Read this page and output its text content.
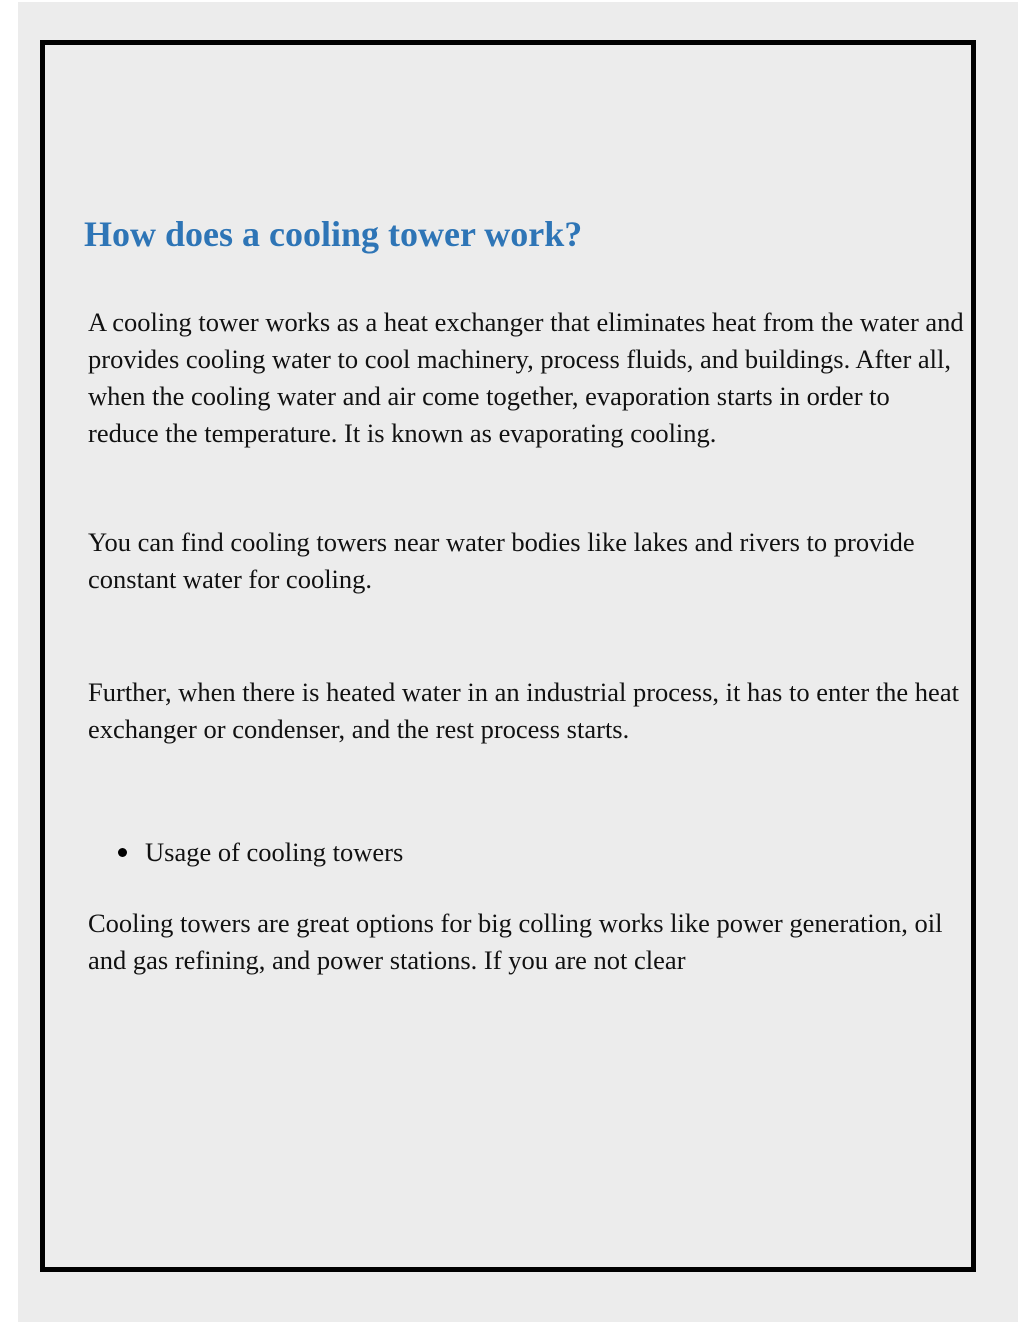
How does a cooling tower work?

A cooling tower works as a heat exchanger that eliminates heat from the water and provides cooling water to cool machinery, process fluids, and buildings. After all, when the cooling water and air come together, evaporation starts in order to reduce the temperature. It is known as evaporating cooling.

You can find cooling towers near water bodies like lakes and rivers to provide constant water for cooling.

Further, when there is heated water in an industrial process, it has to enter the heat exchanger or condenser, and the rest process starts.

Usage of cooling towers

Cooling towers are great options for big colling works like power generation, oil and gas refining, and power stations. If you are not clear
